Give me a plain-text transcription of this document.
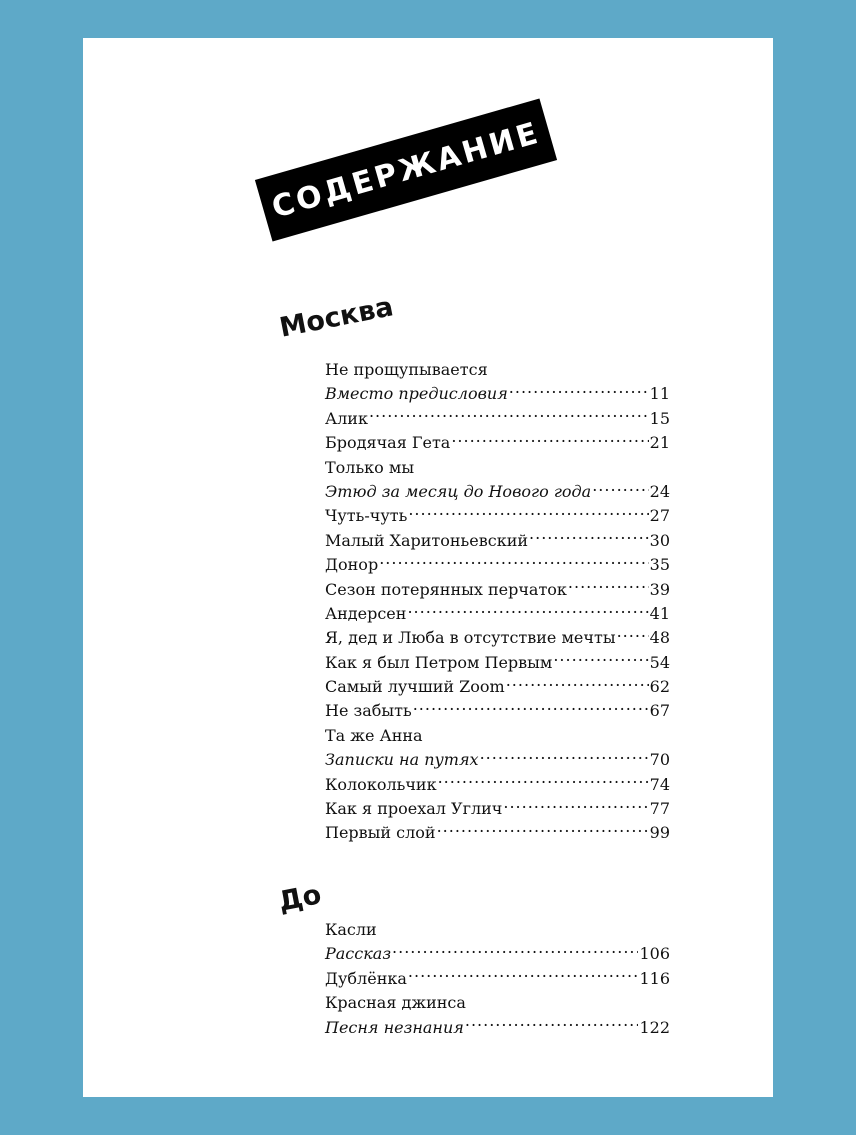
СОДЕРЖАНИЕ
Москва
Не прощупывается
Вместо предисловия .....	11
Алик .....	15
Бродячая Гета .....	21
Только мы
Этюд за месяц до Нового года .....	24
Чуть-чуть .....	27
Малый Харитоньевский .....	30
Донор .....	35
Сезон потерянных перчаток .....	39
Андерсен .....	41
Я, дед и Люба в отсутствие мечты ..... 48
Как я был Петром Первым .....	54
Самый лучший Zoom .....	62
Не забыть .....	67
Та же Анна
Записки на путях .....	70
Колокольчик .....	74
Как я проехал Углич .....	77
Первый слой .....	99
До
Касли
Рассказ .....	106
Дублёнка .....	116
Красная джинса
Песня незнания .....	122
